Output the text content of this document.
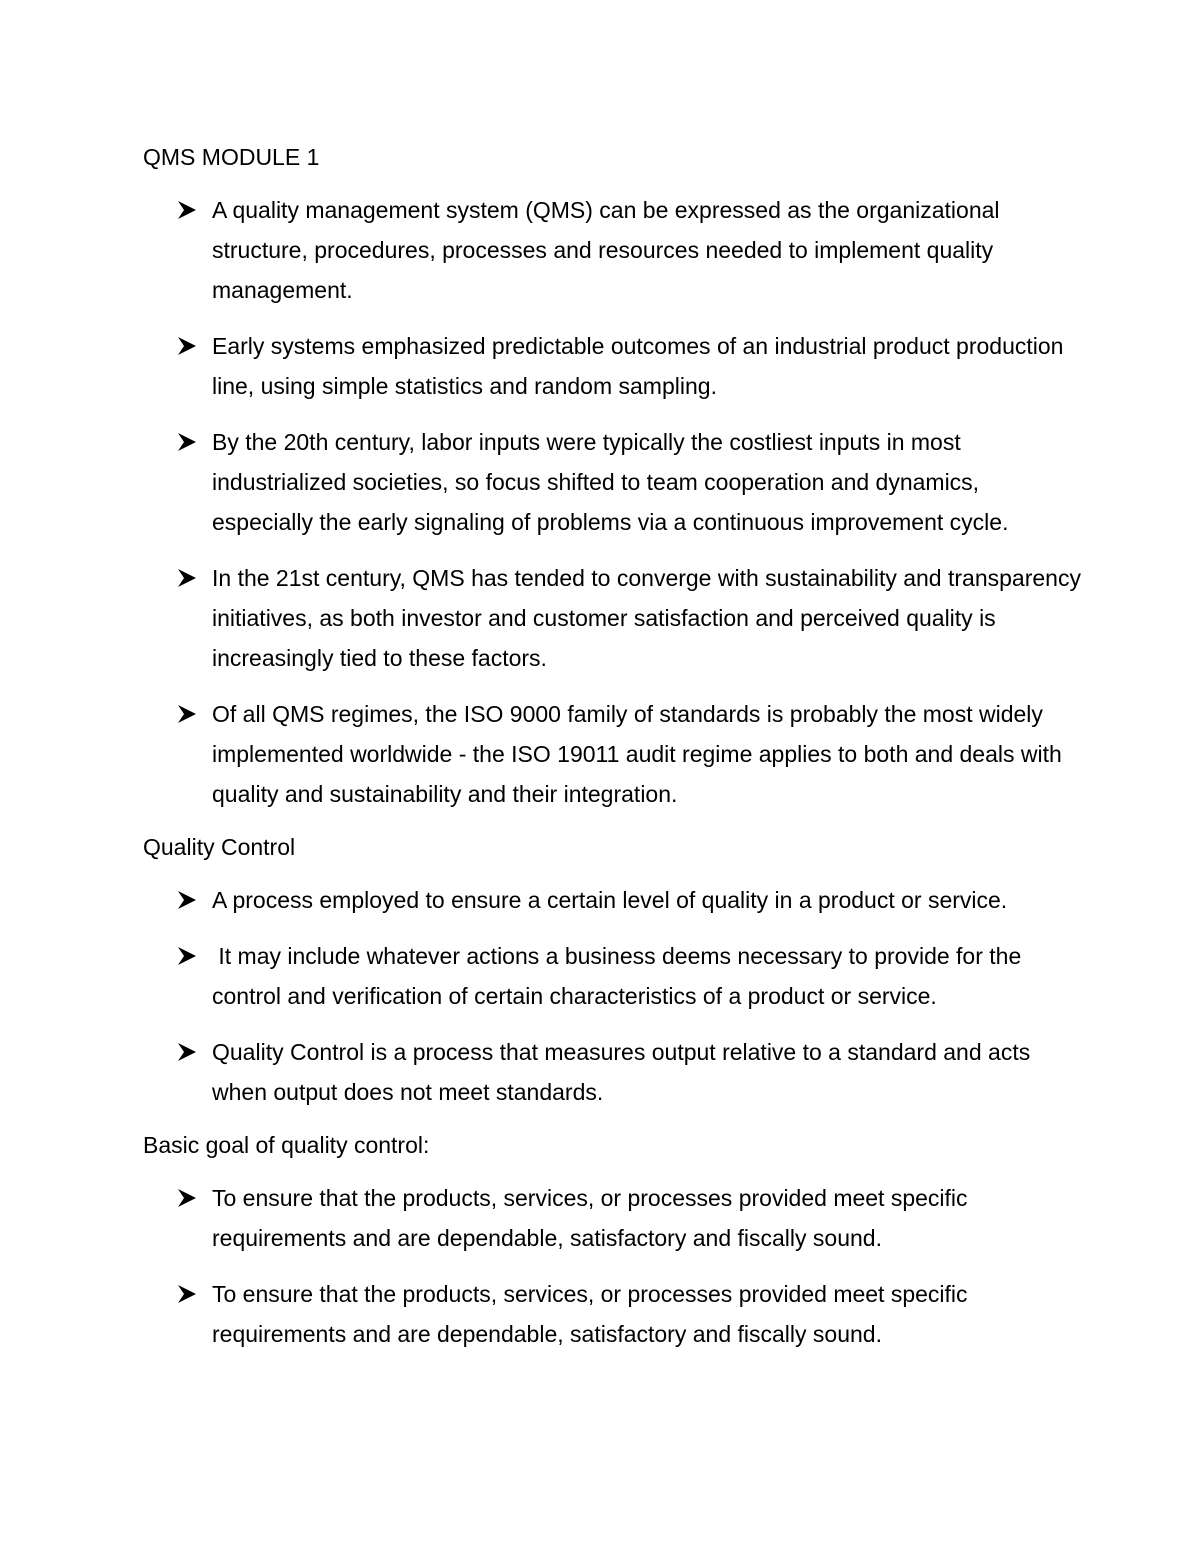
QMS MODULE 1
A quality management system (QMS) can be expressed as the organizational structure, procedures, processes and resources needed to implement quality management.
Early systems emphasized predictable outcomes of an industrial product production line, using simple statistics and random sampling.
By the 20th century, labor inputs were typically the costliest inputs in most industrialized societies, so focus shifted to team cooperation and dynamics, especially the early signaling of problems via a continuous improvement cycle.
In the 21st century, QMS has tended to converge with sustainability and transparency initiatives, as both investor and customer satisfaction and perceived quality is increasingly tied to these factors.
Of all QMS regimes, the ISO 9000 family of standards is probably the most widely implemented worldwide - the ISO 19011 audit regime applies to both and deals with quality and sustainability and their integration.
Quality Control
A process employed to ensure a certain level of quality in a product or service.
It may include whatever actions a business deems necessary to provide for the control and verification of certain characteristics of a product or service.
Quality Control is a process that measures output relative to a standard and acts when output does not meet standards.
Basic goal of quality control:
To ensure that the products, services, or processes provided meet specific requirements and are dependable, satisfactory and fiscally sound.
To ensure that the products, services, or processes provided meet specific requirements and are dependable, satisfactory and fiscally sound.
